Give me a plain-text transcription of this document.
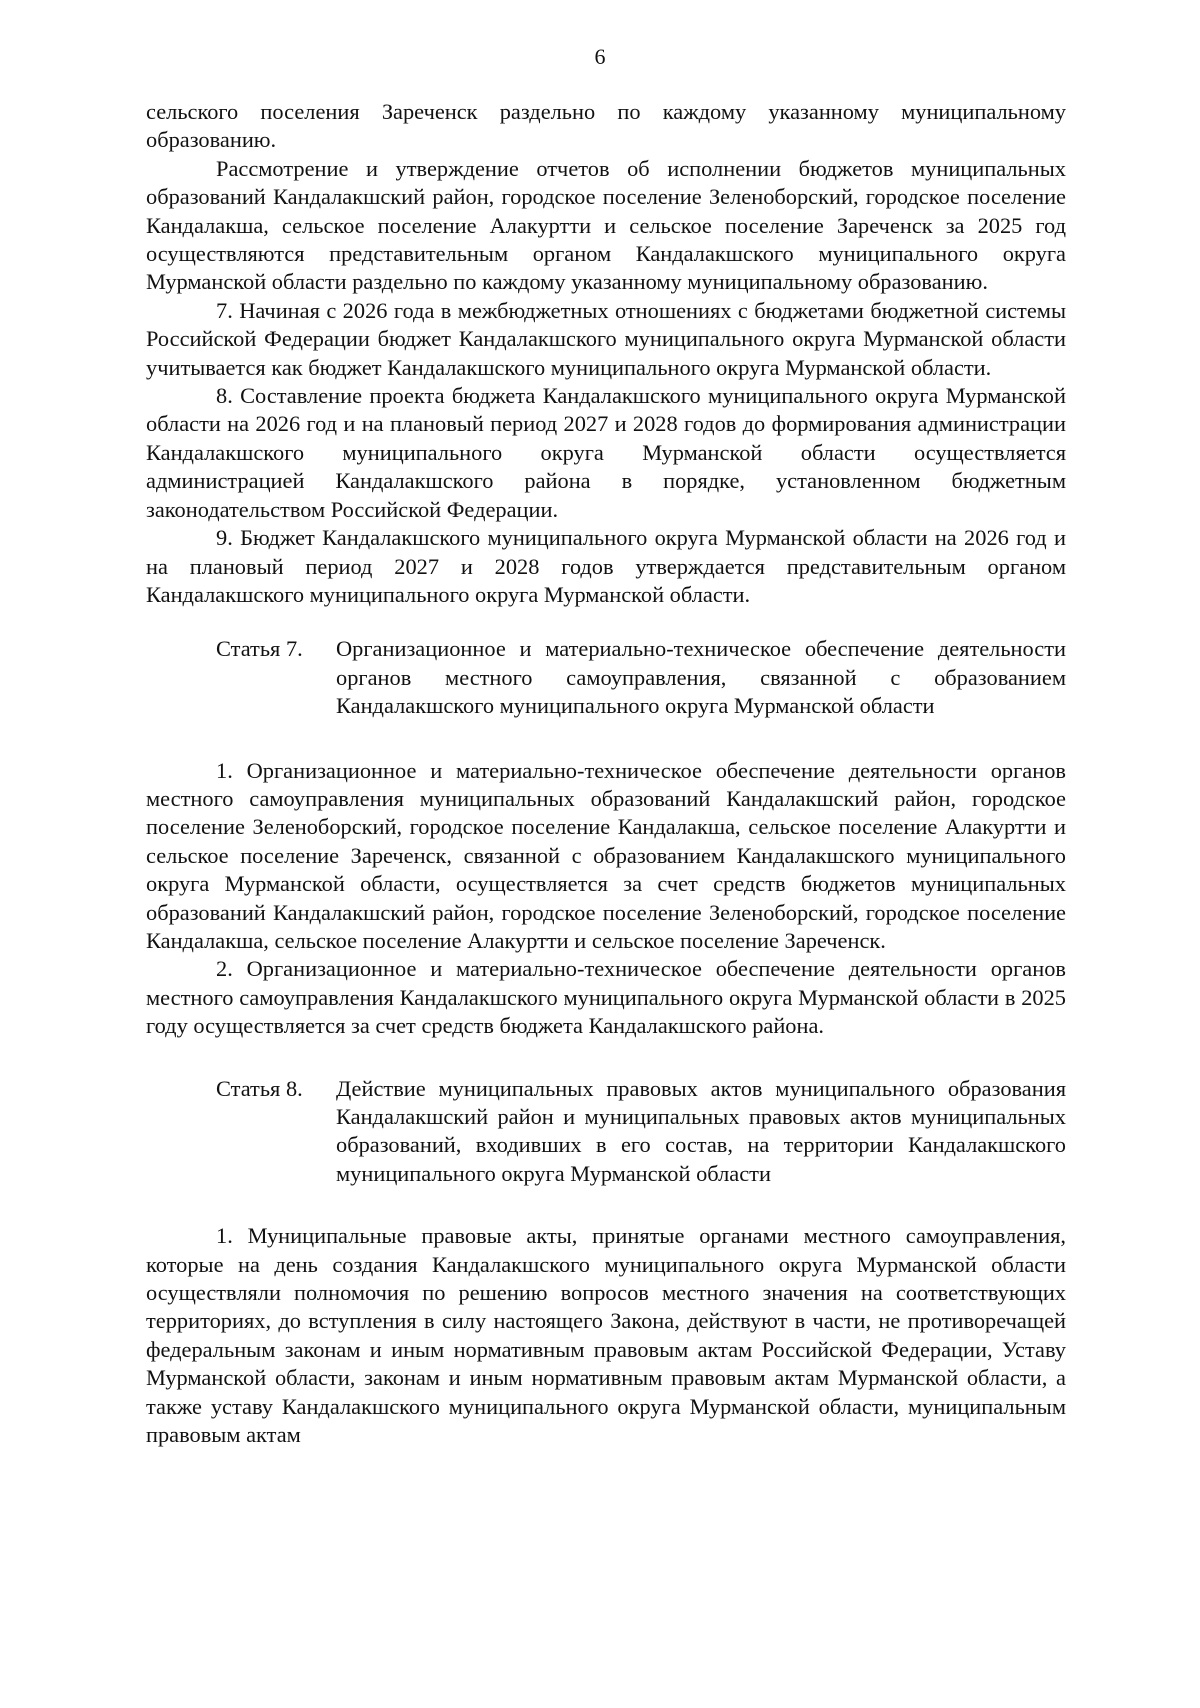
6

сельского поселения Зареченск раздельно по каждому указанному муниципальному образованию.

Рассмотрение и утверждение отчетов об исполнении бюджетов муниципальных образований Кандалакшский район, городское поселение Зеленоборский, городское поселение Кандалакша, сельское поселение Алакуртти и сельское поселение Зареченск за 2025 год осуществляются представительным органом Кандалакшского муниципального округа Мурманской области раздельно по каждому указанному муниципальному образованию.

7. Начиная с 2026 года в межбюджетных отношениях с бюджетами бюджетной системы Российской Федерации бюджет Кандалакшского муниципального округа Мурманской области учитывается как бюджет Кандалакшского муниципального округа Мурманской области.

8. Составление проекта бюджета Кандалакшского муниципального округа Мурманской области на 2026 год и на плановый период 2027 и 2028 годов до формирования администрации Кандалакшского муниципального округа Мурманской области осуществляется администрацией Кандалакшского района в порядке, установленном бюджетным законодательством Российской Федерации.

9. Бюджет Кандалакшского муниципального округа Мурманской области на 2026 год и на плановый период 2027 и 2028 годов утверждается представительным органом Кандалакшского муниципального округа Мурманской области.

Статья 7.	Организационное и материально-техническое обеспечение деятельности органов местного самоуправления, связанной с образованием Кандалакшского муниципального округа Мурманской области

1. Организационное и материально-техническое обеспечение деятельности органов местного самоуправления муниципальных образований Кандалакшский район, городское поселение Зеленоборский, городское поселение Кандалакша, сельское поселение Алакуртти и сельское поселение Зареченск, связанной с образованием Кандалакшского муниципального округа Мурманской области, осуществляется за счет средств бюджетов муниципальных образований Кандалакшский район, городское поселение Зеленоборский, городское поселение Кандалакша, сельское поселение Алакуртти и сельское поселение Зареченск.

2. Организационное и материально-техническое обеспечение деятельности органов местного самоуправления Кандалакшского муниципального округа Мурманской области в 2025 году осуществляется за счет средств бюджета Кандалакшского района.

Статья 8.	Действие муниципальных правовых актов муниципального образования Кандалакшский район и муниципальных правовых актов муниципальных образований, входивших в его состав, на территории Кандалакшского муниципального округа Мурманской области

1. Муниципальные правовые акты, принятые органами местного самоуправления, которые на день создания Кандалакшского муниципального округа Мурманской области осуществляли полномочия по решению вопросов местного значения на соответствующих территориях, до вступления в силу настоящего Закона, действуют в части, не противоречащей федеральным законам и иным нормативным правовым актам Российской Федерации, Уставу Мурманской области, законам и иным нормативным правовым актам Мурманской области, а также уставу Кандалакшского муниципального округа Мурманской области, муниципальным правовым актам
